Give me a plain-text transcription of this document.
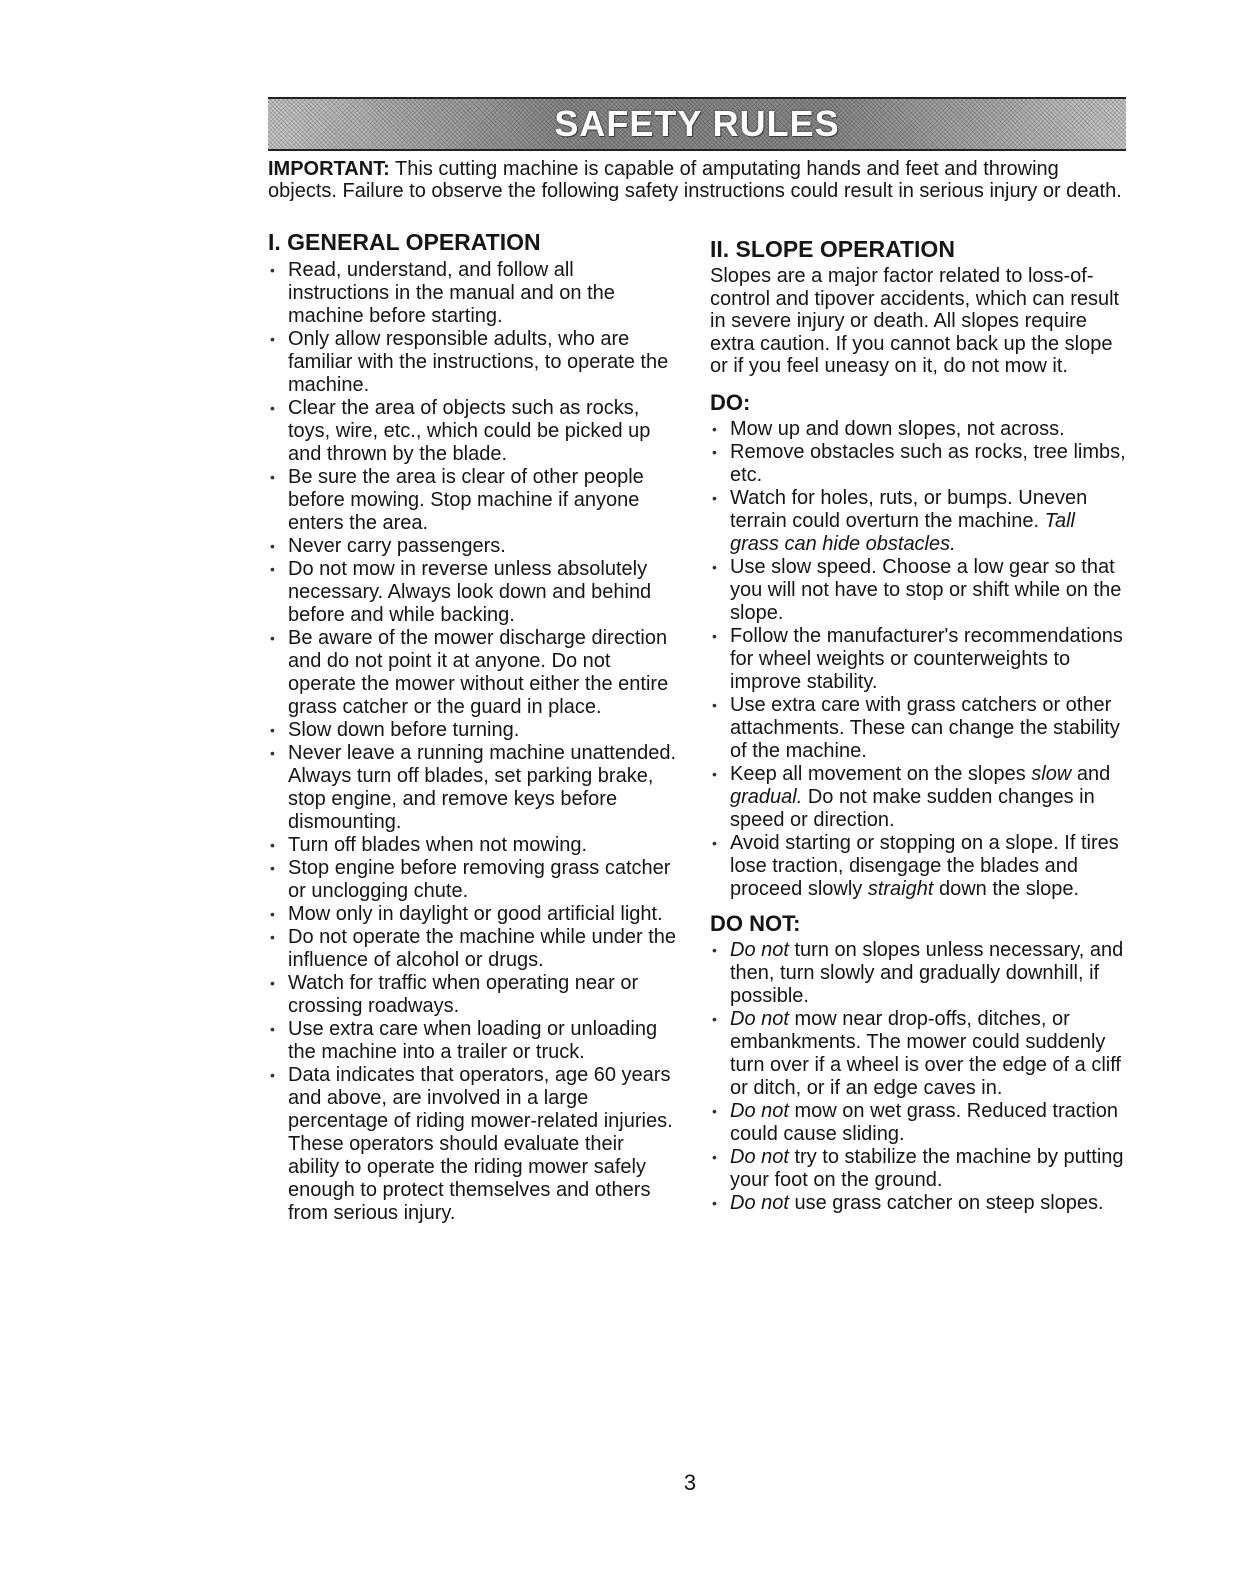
SAFETY RULES

IMPORTANT: This cutting machine is capable of amputating hands and feet and throwing objects. Failure to observe the following safety instructions could result in serious injury or death.

I. GENERAL OPERATION
• Read, understand, and follow all instructions in the manual and on the machine before starting.
• Only allow responsible adults, who are familiar with the instructions, to operate the machine.
• Clear the area of objects such as rocks, toys, wire, etc., which could be picked up and thrown by the blade.
• Be sure the area is clear of other people before mowing. Stop machine if anyone enters the area.
• Never carry passengers.
• Do not mow in reverse unless absolutely necessary. Always look down and behind before and while backing.
• Be aware of the mower discharge direction and do not point it at anyone. Do not operate the mower without either the entire grass catcher or the guard in place.
• Slow down before turning.
• Never leave a running machine unattended. Always turn off blades, set parking brake, stop engine, and remove keys before dismounting.
• Turn off blades when not mowing.
• Stop engine before removing grass catcher or unclogging chute.
• Mow only in daylight or good artificial light.
• Do not operate the machine while under the influence of alcohol or drugs.
• Watch for traffic when operating near or crossing roadways.
• Use extra care when loading or unloading the machine into a trailer or truck.
• Data indicates that operators, age 60 years and above, are involved in a large percentage of riding mower-related injuries. These operators should evaluate their ability to operate the riding mower safely enough to protect themselves and others from serious injury.
II. SLOPE OPERATION

Slopes are a major factor related to loss-of-control and tipover accidents, which can result in severe injury or death. All slopes require extra caution. If you cannot back up the slope or if you feel uneasy on it, do not mow it.

DO:
• Mow up and down slopes, not across.
• Remove obstacles such as rocks, tree limbs, etc.
• Watch for holes, ruts, or bumps. Uneven terrain could overturn the machine. Tall grass can hide obstacles.
• Use slow speed. Choose a low gear so that you will not have to stop or shift while on the slope.
• Follow the manufacturer's recommendations for wheel weights or counterweights to improve stability.
• Use extra care with grass catchers or other attachments. These can change the stability of the machine.
• Keep all movement on the slopes slow and gradual. Do not make sudden changes in speed or direction.
• Avoid starting or stopping on a slope. If tires lose traction, disengage the blades and proceed slowly straight down the slope.
DO NOT:
• Do not turn on slopes unless necessary, and then, turn slowly and gradually downhill, if possible.
• Do not mow near drop-offs, ditches, or embankments. The mower could suddenly turn over if a wheel is over the edge of a cliff or ditch, or if an edge caves in.
• Do not mow on wet grass. Reduced traction could cause sliding.
• Do not try to stabilize the machine by putting your foot on the ground.
• Do not use grass catcher on steep slopes.
3
